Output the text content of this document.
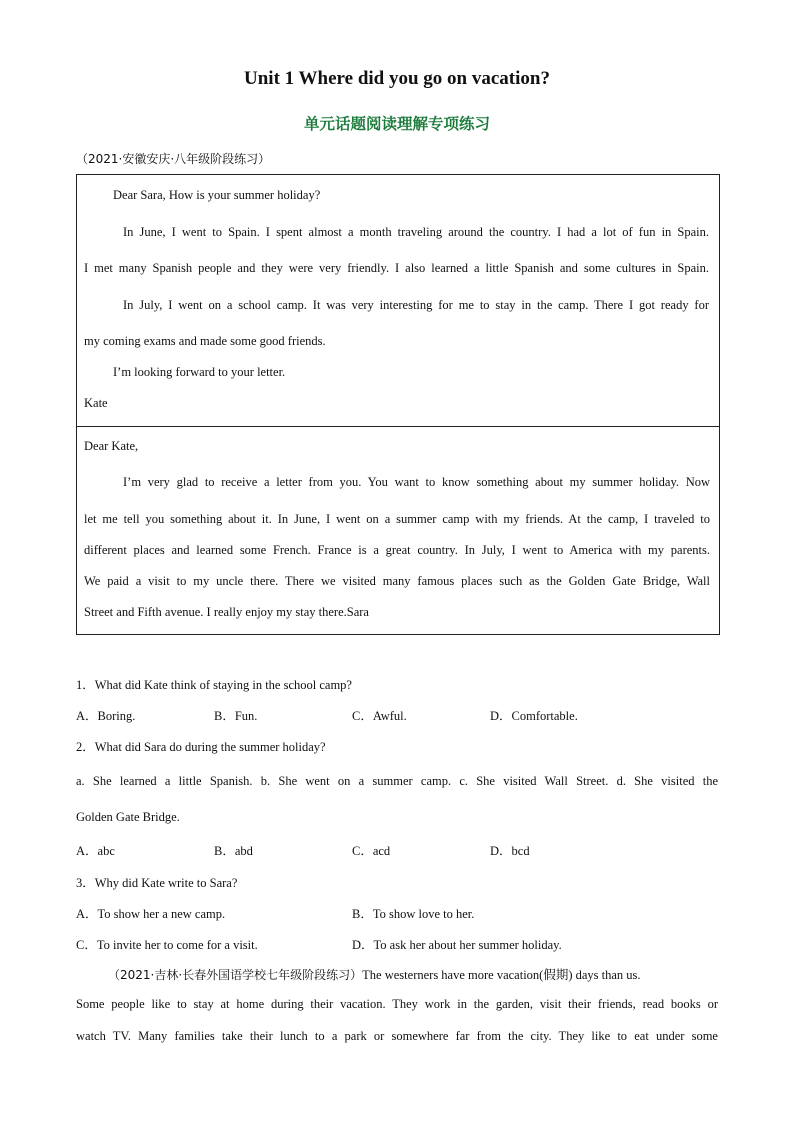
Unit 1 Where did you go on vacation?
单元话题阅读理解专项练习
（2021·安徽安庆·八年级阶段练习）
Dear Sara, How is your summer holiday?
In June, I went to Spain. I spent almost a month traveling around the country. I had a lot of fun in Spain.
I met many Spanish people and they were very friendly. I also learned a little Spanish and some cultures in Spain.
In July, I went on a school camp. It was very interesting for me to stay in the camp. There I got ready for
my coming exams and made some good friends.
I’m looking forward to your letter.
Kate
Dear Kate,
I’m very glad to receive a letter from you. You want to know something about my summer holiday. Now
let me tell you something about it. In June, I went on a summer camp with my friends. At the camp, I traveled to
different places and learned some French. France is a great country. In July, I went to America with my parents.
We paid a visit to my uncle there. There we visited many famous places such as the Golden Gate Bridge, Wall
Street and Fifth avenue. I really enjoy my stay there.Sara
1．What did Kate think of staying in the school camp?
A．Boring.	B．Fun.	C．Awful.	D．Comfortable.
2．What did Sara do during the summer holiday?
a. She learned a little Spanish. b. She went on a summer camp. c. She visited Wall Street. d. She visited the
Golden Gate Bridge.
A．abc	B．abd	C．acd	D．bcd
3．Why did Kate write to Sara?
A．To show her a new camp.	B．To show love to her.
C．To invite her to come for a visit.	D．To ask her about her summer holiday.
（2021·吉林·长春外国语学校七年级阶段练习）The westerners have more vacation(假期) days than us.
Some people like to stay at home during their vacation. They work in the garden, visit their friends, read books or
watch TV. Many families take their lunch to a park or somewhere far from the city. They like to eat under some
